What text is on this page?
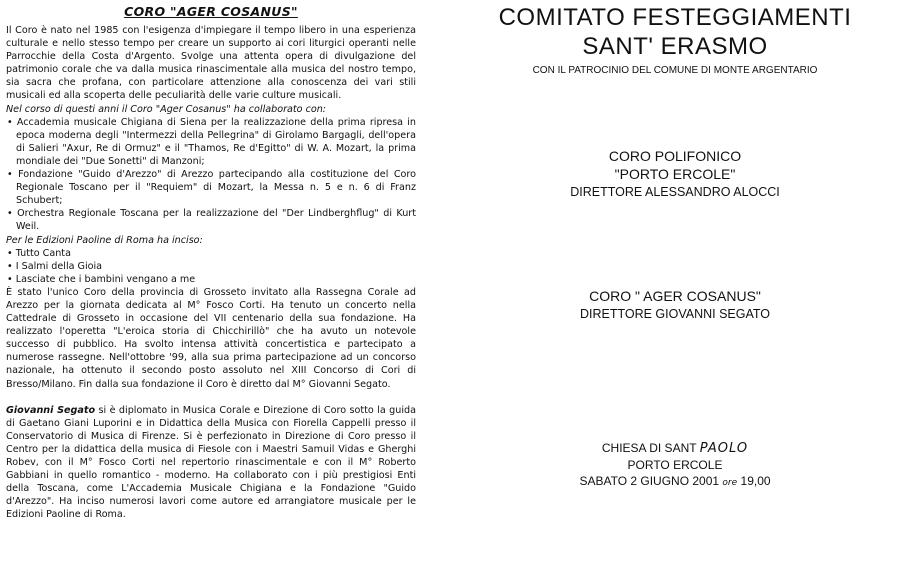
CORO "AGER COSANUS"

Il Coro è nato nel 1985 con l'esigenza d'impiegare il tempo libero in una esperienza culturale e nello stesso tempo per creare un supporto ai cori liturgici operanti nelle Parrocchie della Costa d'Argento. Svolge una attenta opera di divulgazione del patrimonio corale che va dalla musica rinascimentale alla musica del nostro tempo, sia sacra che profana, con particolare attenzione alla conoscenza dei vari stili musicali ed alla scoperta delle peculiarità delle varie culture musicali.

Nel corso di questi anni il Coro "Ager Cosanus" ha collaborato con:

• Accademia musicale Chigiana di Siena per la realizzazione della prima ripresa in epoca moderna degli "Intermezzi della Pellegrina" di Girolamo Bargagli, dell'opera di Salieri "Axur, Re di Ormuz" e il "Thamos, Re d'Egitto" di W. A. Mozart, la prima mondiale dei "Due Sonetti" di Manzoni;

• Fondazione "Guido d'Arezzo" di Arezzo partecipando alla costituzione del Coro Regionale Toscano per il "Requiem" di Mozart, la Messa n. 5 e n. 6 di Franz Schubert;

• Orchestra Regionale Toscana per la realizzazione del "Der Lindberghflug" di Kurt Weil.

Per le Edizioni Paoline di Roma ha inciso:

• Tutto Canta

• I Salmi della Gioia

• Lasciate che i bambini vengano a me

È stato l'unico Coro della provincia di Grosseto invitato alla Rassegna Corale ad Arezzo per la giornata dedicata al M° Fosco Corti. Ha tenuto un concerto nella Cattedrale di Grosseto in occasione del VII centenario della sua fondazione. Ha realizzato l'operetta "L'eroica storia di Chicchirillò" che ha avuto un notevole successo di pubblico. Ha svolto intensa attività concertistica e partecipato a numerose rassegne. Nell'ottobre '99, alla sua prima partecipazione ad un concorso nazionale, ha ottenuto il secondo posto assoluto nel XIII Concorso di Cori di Bresso/Milano. Fin dalla sua fondazione il Coro è diretto dal M° Giovanni Segato.

Giovanni Segato si è diplomato in Musica Corale e Direzione di Coro sotto la guida di Gaetano Giani Luporini e in Didattica della Musica con Fiorella Cappelli presso il Conservatorio di Musica di Firenze. Si è perfezionato in Direzione di Coro presso il Centro per la didattica della musica di Fiesole con i Maestri Samuil Vidas e Gherghi Robev, con il M° Fosco Corti nel repertorio rinascimentale e con il M° Roberto Gabbiani in quello romantico - moderno. Ha collaborato con i più prestigiosi Enti della Toscana, come L'Accademia Musicale Chigiana e la Fondazione "Guido d'Arezzo". Ha inciso numerosi lavori come autore ed arrangiatore musicale per le Edizioni Paoline di Roma.

COMITATO FESTEGGIAMENTI
SANT' ERASMO
CON IL PATROCINIO DEL COMUNE DI MONTE ARGENTARIO
CORO POLIFONICO
"PORTO ERCOLE"
DIRETTORE ALESSANDRO ALOCCI
CORO " AGER COSANUS"
DIRETTORE GIOVANNI SEGATO
CHIESA DI SANT PAOLO
PORTO ERCOLE
SABATO 2 GIUGNO 2001 ore 19,00
